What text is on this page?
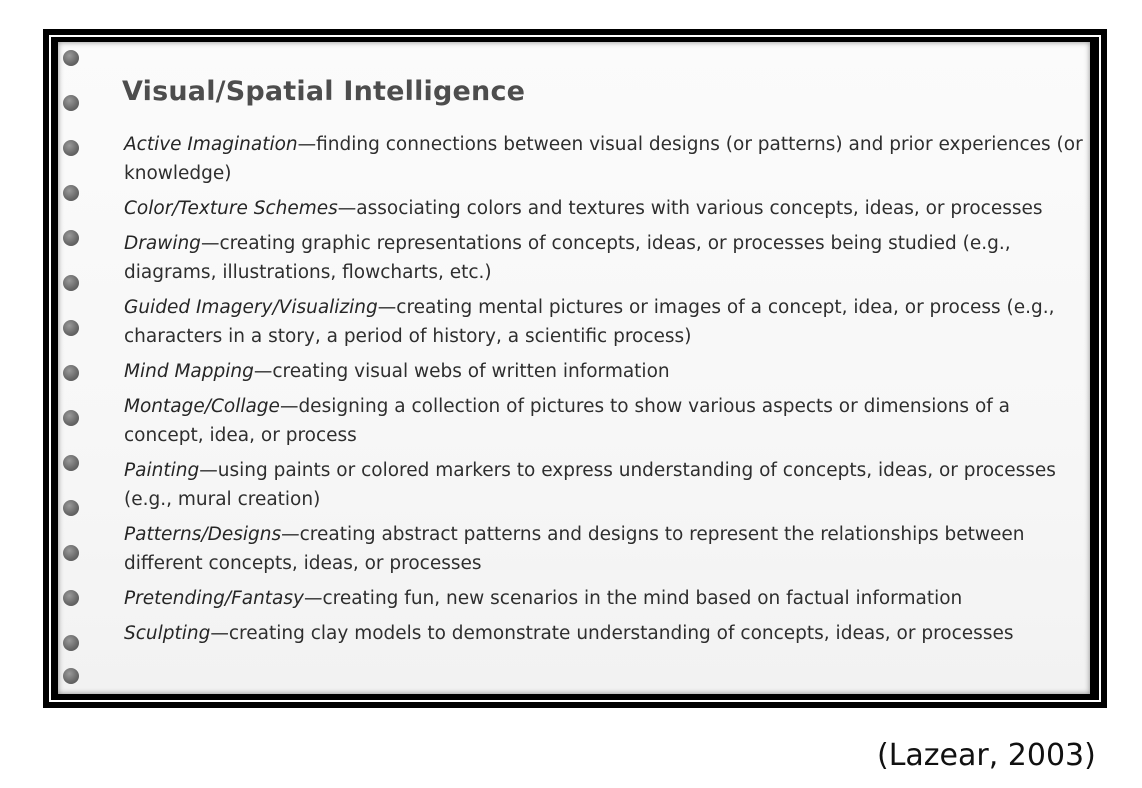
Visual/Spatial Intelligence

Active Imagination—finding connections between visual designs (or patterns) and prior experiences (or knowledge)

Color/Texture Schemes—associating colors and textures with various concepts, ideas, or processes

Drawing—creating graphic representations of concepts, ideas, or processes being studied (e.g., diagrams, illustrations, flowcharts, etc.)

Guided Imagery/Visualizing—creating mental pictures or images of a concept, idea, or process (e.g., characters in a story, a period of history, a scientific process)

Mind Mapping—creating visual webs of written information

Montage/Collage—designing a collection of pictures to show various aspects or dimensions of a concept, idea, or process

Painting—using paints or colored markers to express understanding of concepts, ideas, or processes (e.g., mural creation)

Patterns/Designs—creating abstract patterns and designs to represent the relationships between different concepts, ideas, or processes

Pretending/Fantasy—creating fun, new scenarios in the mind based on factual information

Sculpting—creating clay models to demonstrate understanding of concepts, ideas, or processes

(Lazear, 2003)
